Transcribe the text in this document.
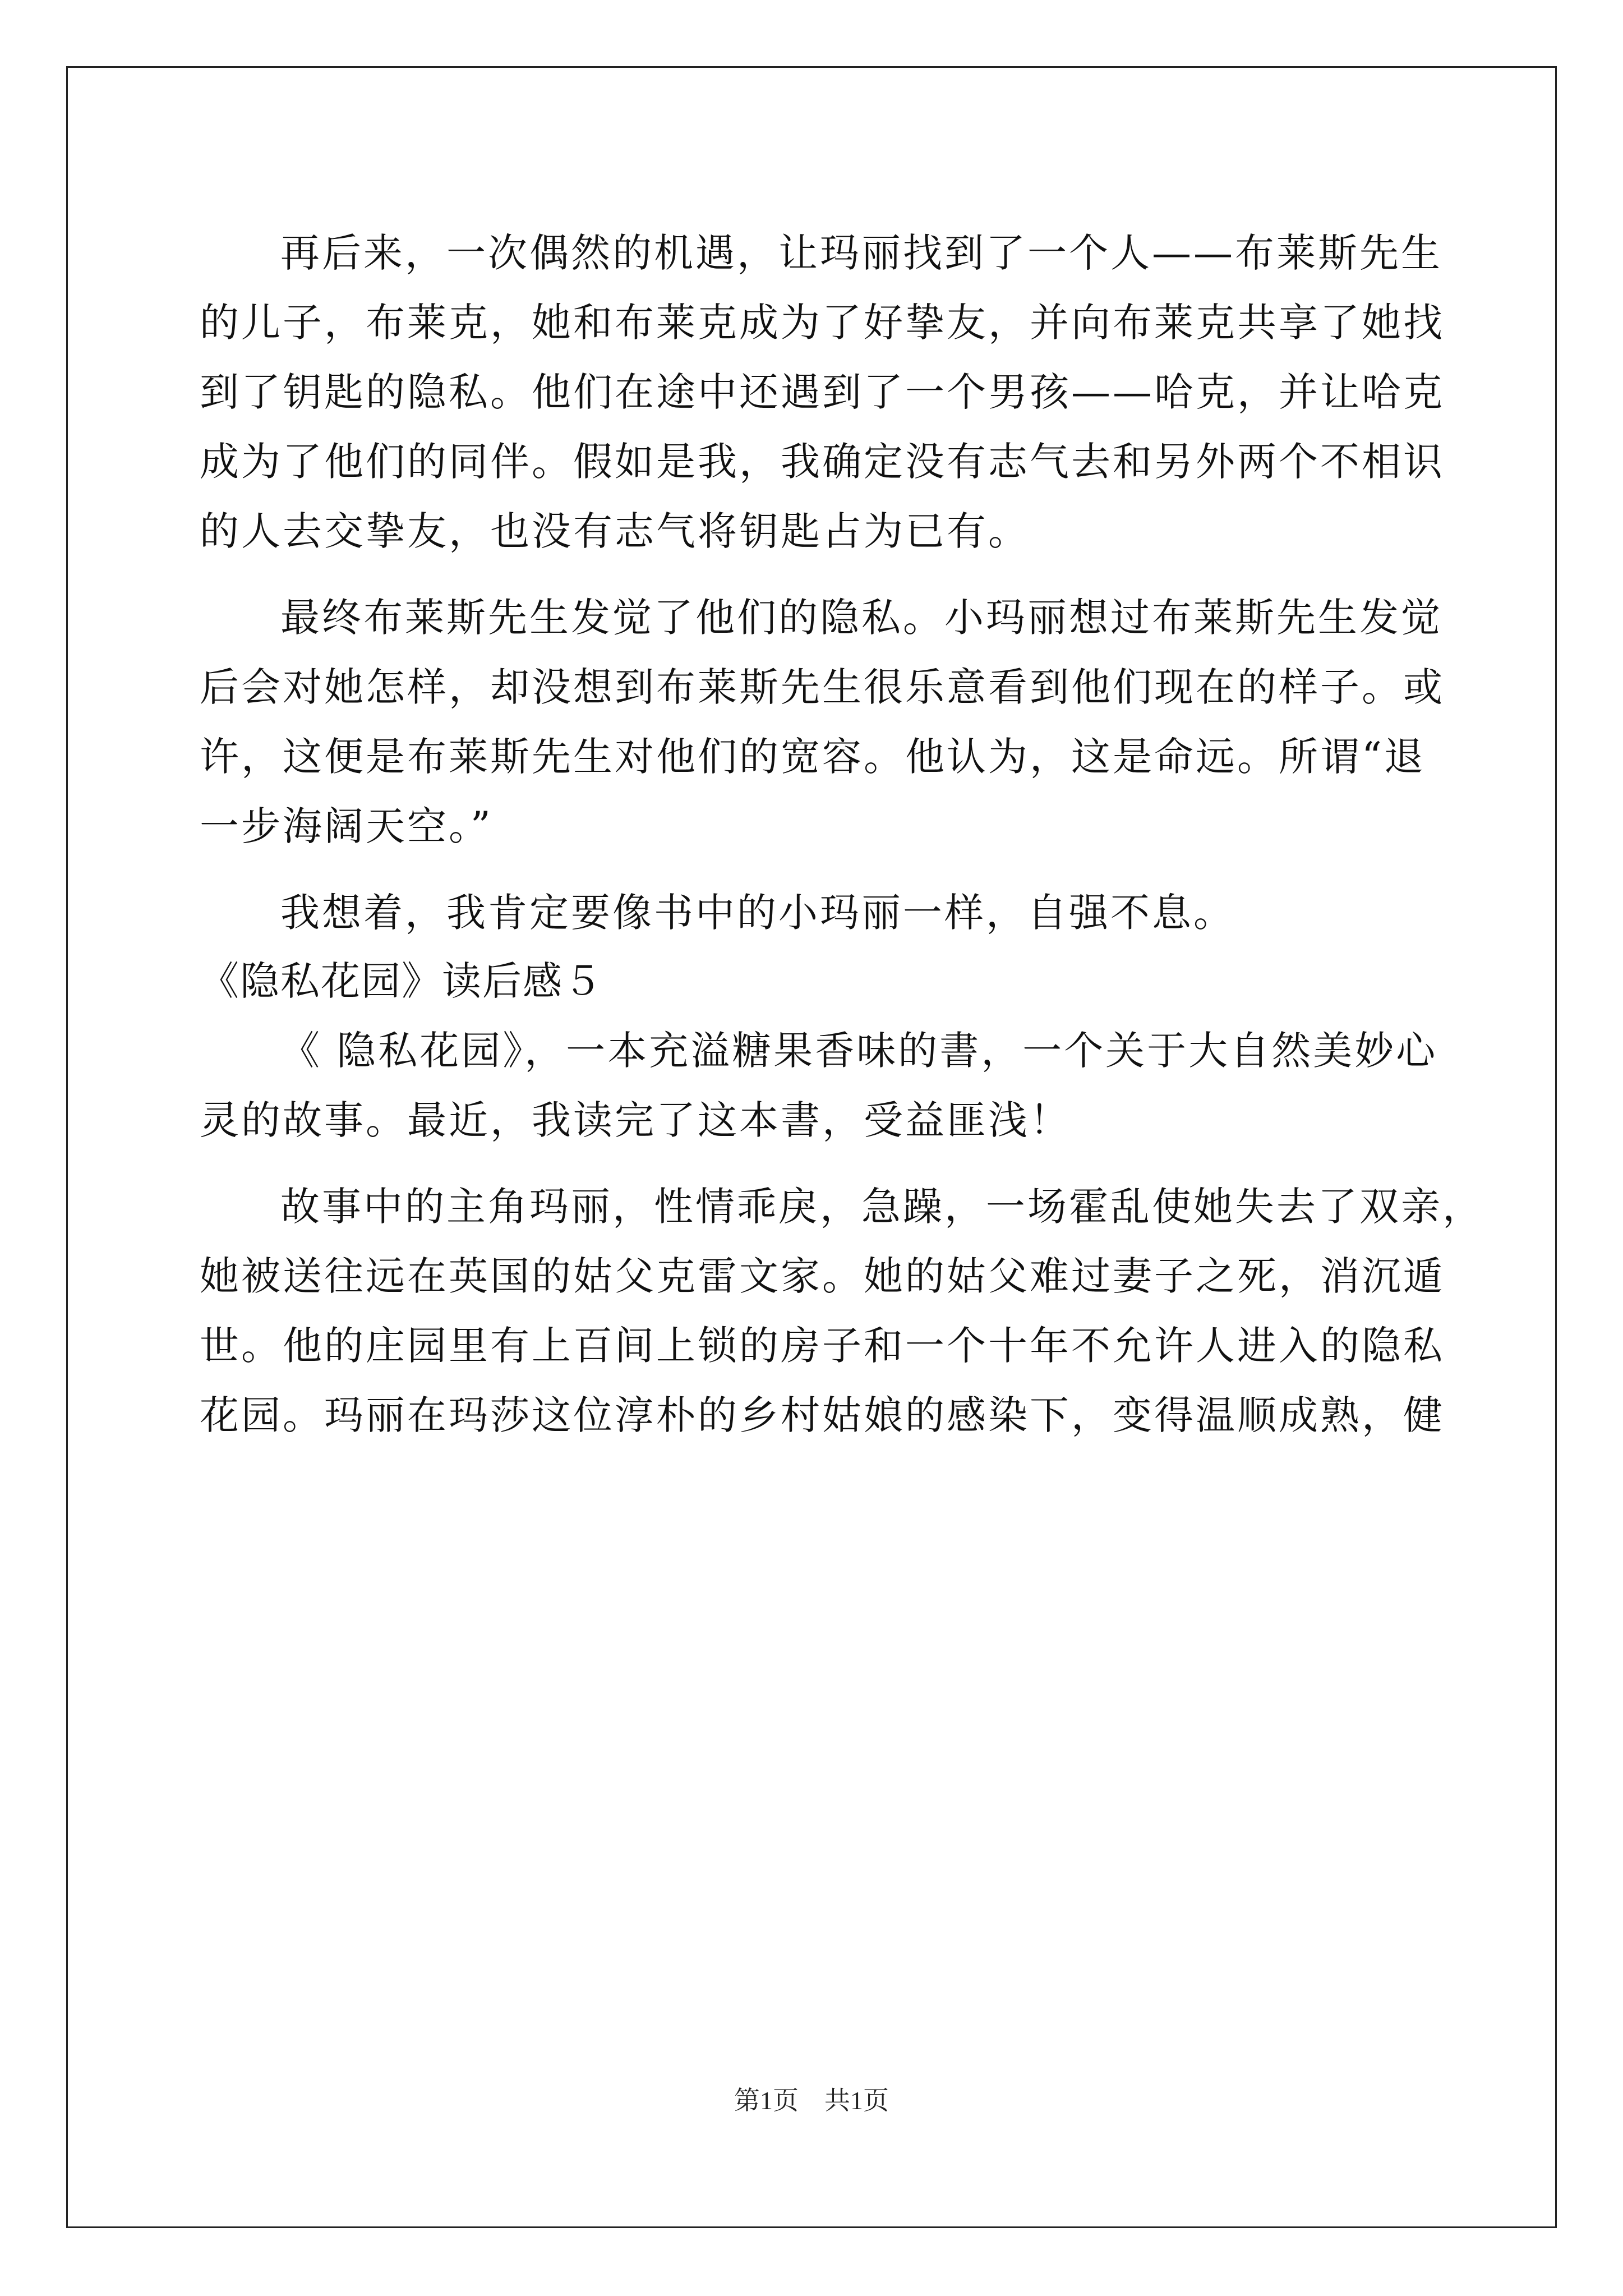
再后来，一次偶然的机遇，让玛丽找到了一个人——布莱斯先生
的儿子，布莱克，她和布莱克成为了好挚友，并向布莱克共享了她找
到了钥匙的隐私。他们在途中还遇到了一个男孩——哈克，并让哈克
成为了他们的同伴。假如是我，我确定没有志气去和另外两个不相识
的人去交挚友，也没有志气将钥匙占为已有。
最终布莱斯先生发觉了他们的隐私。小玛丽想过布莱斯先生发觉
后会对她怎样，却没想到布莱斯先生很乐意看到他们现在的样子。或
许，这便是布莱斯先生对他们的宽容。他认为，这是命远。所谓“退
一步海阔天空。”
我想着，我肯定要像书中的小玛丽一样，自强不息。
《隐私花园》读后感５
《 隐私花园》，一本充溢糖果香味的書，一个关于大自然美妙心
灵的故事。最近，我读完了这本書，受益匪浅！
故事中的主角玛丽，性情乖戾，急躁，一场霍乱使她失去了双亲，
她被送往远在英国的姑父克雷文家。她的姑父难过妻子之死，消沉遁
世。他的庄园里有上百间上锁的房子和一个十年不允许人进入的隐私
花园。玛丽在玛莎这位淳朴的乡村姑娘的感染下，变得温顺成熟，健
第1页　共1页
